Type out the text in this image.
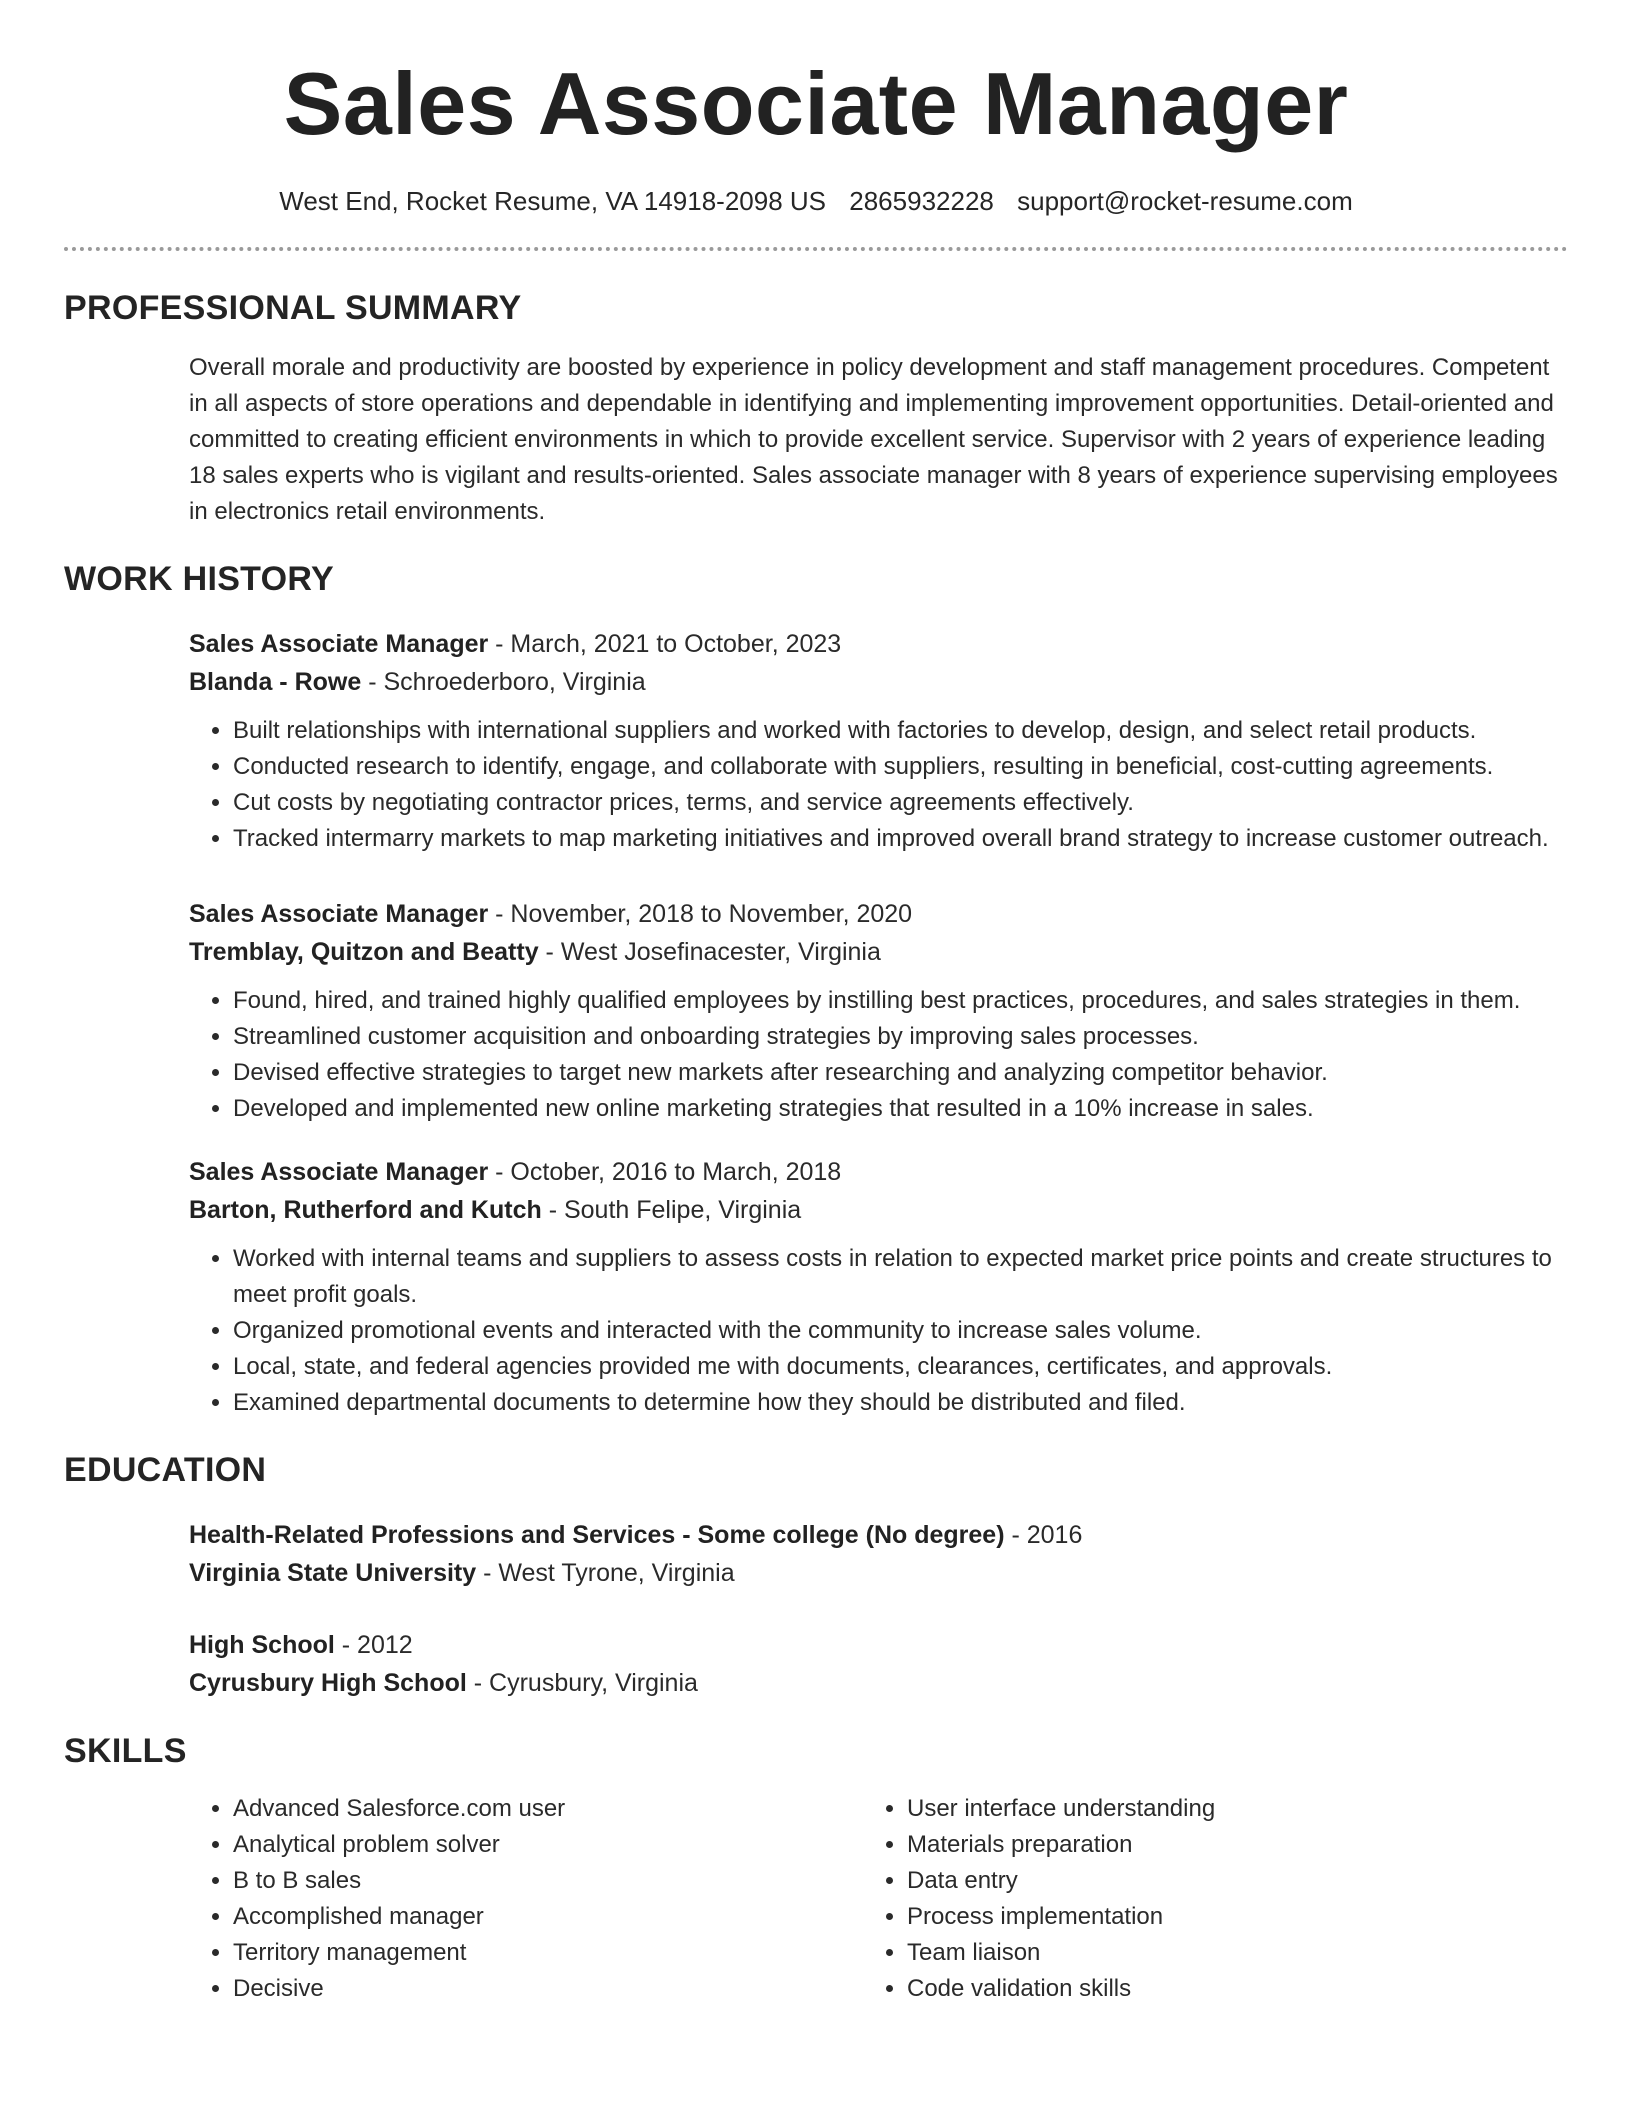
Sales Associate Manager
West End, Rocket Resume, VA 14918-2098 US 2865932228 support@rocket-resume.com
PROFESSIONAL SUMMARY
Overall morale and productivity are boosted by experience in policy development and staff management procedures. Competent in all aspects of store operations and dependable in identifying and implementing improvement opportunities. Detail-oriented and committed to creating efficient environments in which to provide excellent service. Supervisor with 2 years of experience leading 18 sales experts who is vigilant and results-oriented. Sales associate manager with 8 years of experience supervising employees in electronics retail environments.
WORK HISTORY
Sales Associate Manager - March, 2021 to October, 2023
Blanda - Rowe - Schroederboro, Virginia
• Built relationships with international suppliers and worked with factories to develop, design, and select retail products.
• Conducted research to identify, engage, and collaborate with suppliers, resulting in beneficial, cost-cutting agreements.
• Cut costs by negotiating contractor prices, terms, and service agreements effectively.
• Tracked intermarry markets to map marketing initiatives and improved overall brand strategy to increase customer outreach.
Sales Associate Manager - November, 2018 to November, 2020
Tremblay, Quitzon and Beatty - West Josefinacester, Virginia
• Found, hired, and trained highly qualified employees by instilling best practices, procedures, and sales strategies in them.
• Streamlined customer acquisition and onboarding strategies by improving sales processes.
• Devised effective strategies to target new markets after researching and analyzing competitor behavior.
• Developed and implemented new online marketing strategies that resulted in a 10% increase in sales.
Sales Associate Manager - October, 2016 to March, 2018
Barton, Rutherford and Kutch - South Felipe, Virginia
• Worked with internal teams and suppliers to assess costs in relation to expected market price points and create structures to meet profit goals.
• Organized promotional events and interacted with the community to increase sales volume.
• Local, state, and federal agencies provided me with documents, clearances, certificates, and approvals.
• Examined departmental documents to determine how they should be distributed and filed.
EDUCATION
Health-Related Professions and Services - Some college (No degree) - 2016
Virginia State University - West Tyrone, Virginia
High School - 2012
Cyrusbury High School - Cyrusbury, Virginia
SKILLS
• Advanced Salesforce.com user
• Analytical problem solver
• B to B sales
• Accomplished manager
• Territory management
• Decisive
• User interface understanding
• Materials preparation
• Data entry
• Process implementation
• Team liaison
• Code validation skills
